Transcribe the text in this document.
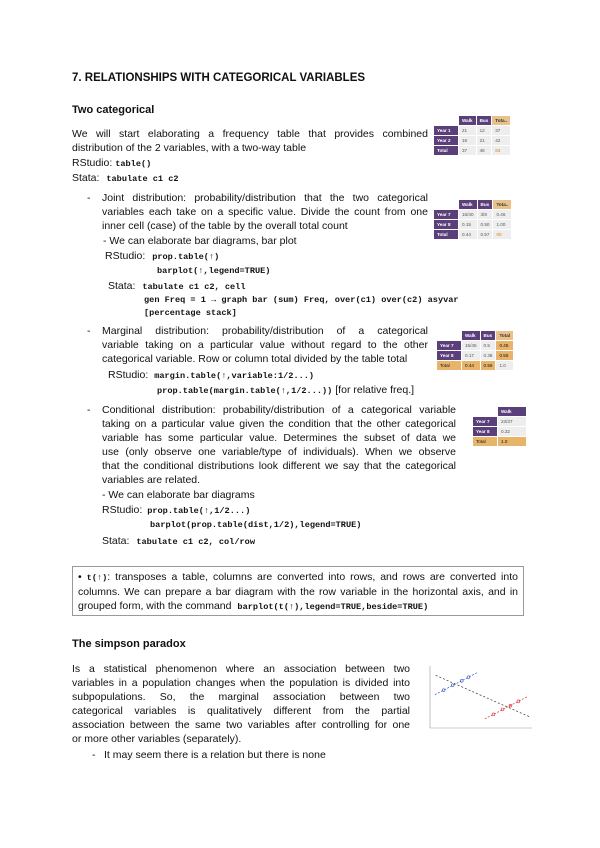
7. RELATIONSHIPS WITH CATEGORICAL VARIABLES
Two categorical
We will start elaborating a frequency table that provides combined
distribution of the 2 variables, with a two-way table
RStudio: table()
Stata: tabulate c1 c2
	Walk	Bus	Tota..
Year 1	21	12	37
Year 2	16	21	42
Total	37	46	83
- Joint distribution: probability/distribution that the two categorical
variables each take on a specific value. Divide the count from one
inner cell (case) of the table by the overall total count
- We can elaborate bar diagrams, bar plot
RStudio: prop.table(↑)
barplot(↑,legend=TRUE)
Stata: tabulate c1 c2, cell
gen Freq = 1 → graph bar (sum) Freq, over(c1) over(c2) asyvar
[percentage stack]
	Walk	Bus	Tota..
Year 7	16/40	3/8	0.46
Year 8	0.15	0.50	1.00
Total	0.44	0.57	00
- Marginal distribution: probability/distribution of a categorical
variable taking on a particular value without regard to the other
categorical variable. Row or column total divided by the table total
RStudio: margin.table(↑,variable:1/2...)
prop.table(margin.table(↑,1/2...)) [for relative freq.]
	Walk	Bus	Total
Year 7	15/45	0.5	0.45
Year 8	0.17	0.38	0.55
Total	0.44	0.56	1.0
- Conditional distribution: probability/distribution of a categorical variable
taking on a particular value given the condition that the other categorical
variable has some particular value. Determines the subset of data we
use (only observe one variable/type of individuals). When we observe
that the conditional distributions look different we say that the categorical
variables are related.
- We can elaborate bar diagrams
RStudio: prop.table(↑,1/2...)
barplot(prop.table(dist,1/2),legend=TRUE)
Stata: tabulate c1 c2, col/row
	Walk
Year 7	23/37
Year 8	0.32
Total	1.0
• t(↑): transposes a table, columns are converted into rows, and rows are converted into
columns. We can prepare a bar diagram with the row variable in the horizontal axis, and in
grouped form, with the command barplot(t(↑),legend=TRUE,beside=TRUE)
The simpson paradox
Is a statistical phenomenon where an association between two
variables in a population changes when the population is divided into
subpopulations. So, the marginal association between two
categorical variables is qualitatively different from the partial
association between the same two variables after controlling for one
or more other variables (separately).
- It may seem there is a relation but there is none
